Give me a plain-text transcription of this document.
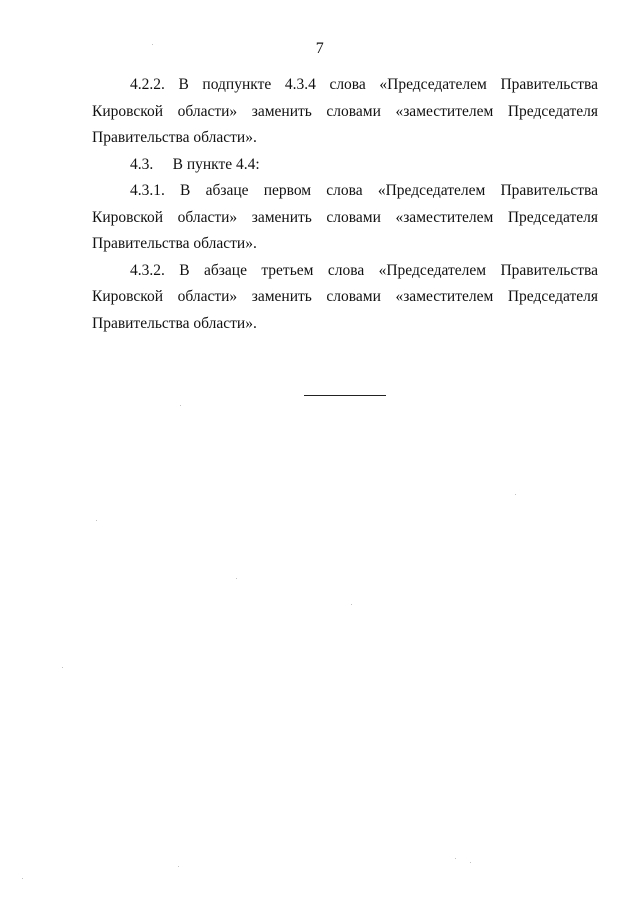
7

4.2.2. В подпункте 4.3.4 слова «Председателем Правительства Кировской области» заменить словами «заместителем Председателя Правительства области».

4.3.     В пункте 4.4:

4.3.1. В абзаце первом слова «Председателем Правительства Кировской области» заменить словами «заместителем Председателя Правительства области».

4.3.2. В абзаце третьем слова «Председателем Правительства Кировской области» заменить словами «заместителем Председателя Правительства области».
